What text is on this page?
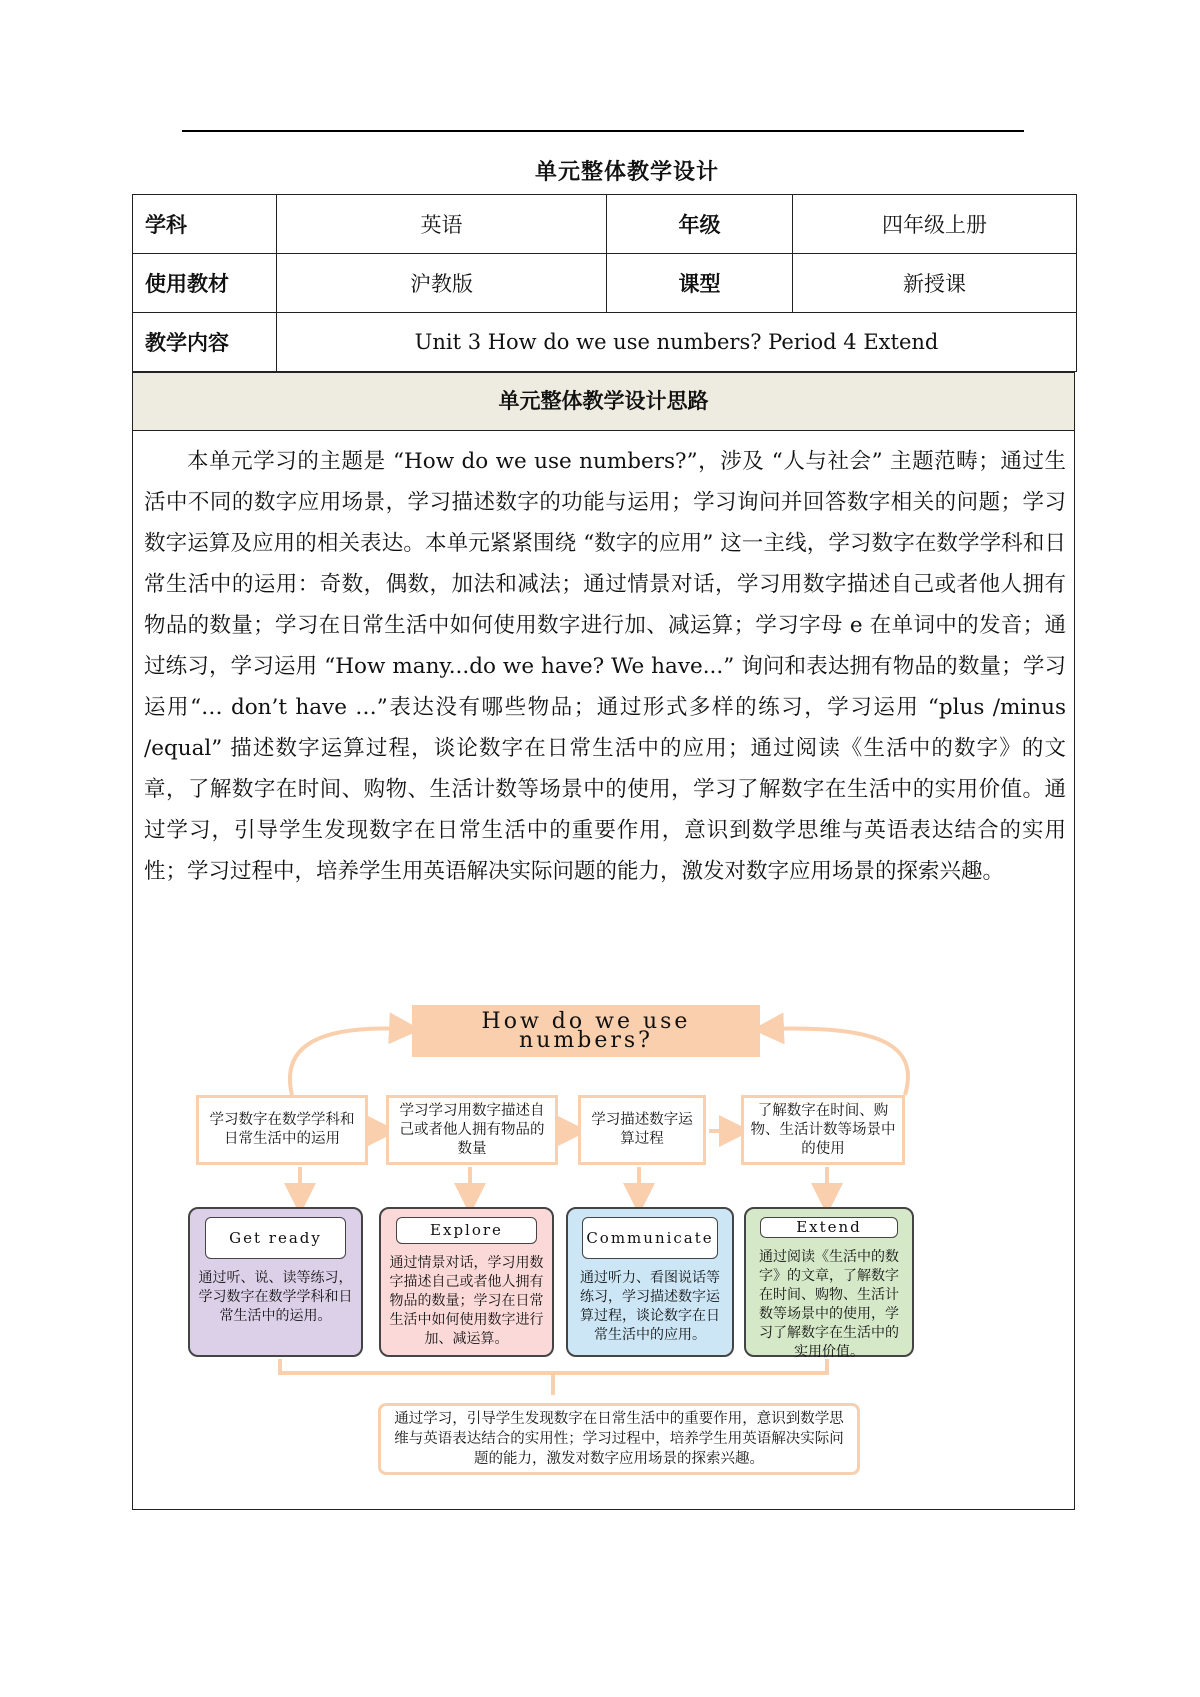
单元整体教学设计
学科	英语	年级	四年级上册
使用教材	沪教版	课型	新授课
教学内容	Unit 3 How do we use numbers? Period 4 Extend		
单元整体教学设计思路

本单元学习的主题是 “How do we use numbers?”，涉及 “人与社会” 主题范畴；通过生活中不同的数字应用场景，学习描述数字的功能与运用；学习询问并回答数字相关的问题；学习数字运算及应用的相关表达。本单元紧紧围绕 “数字的应用” 这一主线，学习数字在数学学科和日常生活中的运用：奇数，偶数，加法和减法；通过情景对话，学习用数字描述自己或者他人拥有物品的数量；学习在日常生活中如何使用数字进行加、减运算；学习字母 e 在单词中的发音；通过练习，学习运用 “How many...do we have? We have...” 询问和表达拥有物品的数量；学习运用“… don’t have …”表达没有哪些物品；通过形式多样的练习，学习运用 “plus /minus /equal” 描述数字运算过程，谈论数字在日常生活中的应用；通过阅读《生活中的数字》的文章，了解数字在时间、购物、生活计数等场景中的使用，学习了解数字在生活中的实用价值。通过学习，引导学生发现数字在日常生活中的重要作用，意识到数学思维与英语表达结合的实用性；学习过程中，培养学生用英语解决实际问题的能力，激发对数字应用场景的探索兴趣。

How do we use numbers?
学习数字在数学学科和日常生活中的运用
学习学习用数字描述自己或者他人拥有物品的数量
学习描述数字运算过程
了解数字在时间、购物、生活计数等场景中的使用
Get ready
通过听、说、读等练习，学习数字在数学学科和日常生活中的运用。
Explore
通过情景对话，学习用数字描述自己或者他人拥有物品的数量；学习在日常生活中如何使用数字进行加、减运算。
Communicate
通过听力、看图说话等练习，学习描述数字运算过程，谈论数字在日常生活中的应用。
Extend
通过阅读《生活中的数字》的文章，了解数字在时间、购物、生活计数等场景中的使用，学习了解数字在生活中的实用价值。
通过学习，引导学生发现数字在日常生活中的重要作用，意识到数学思维与英语表达结合的实用性；学习过程中，培养学生用英语解决实际问题的能力，激发对数字应用场景的探索兴趣。
